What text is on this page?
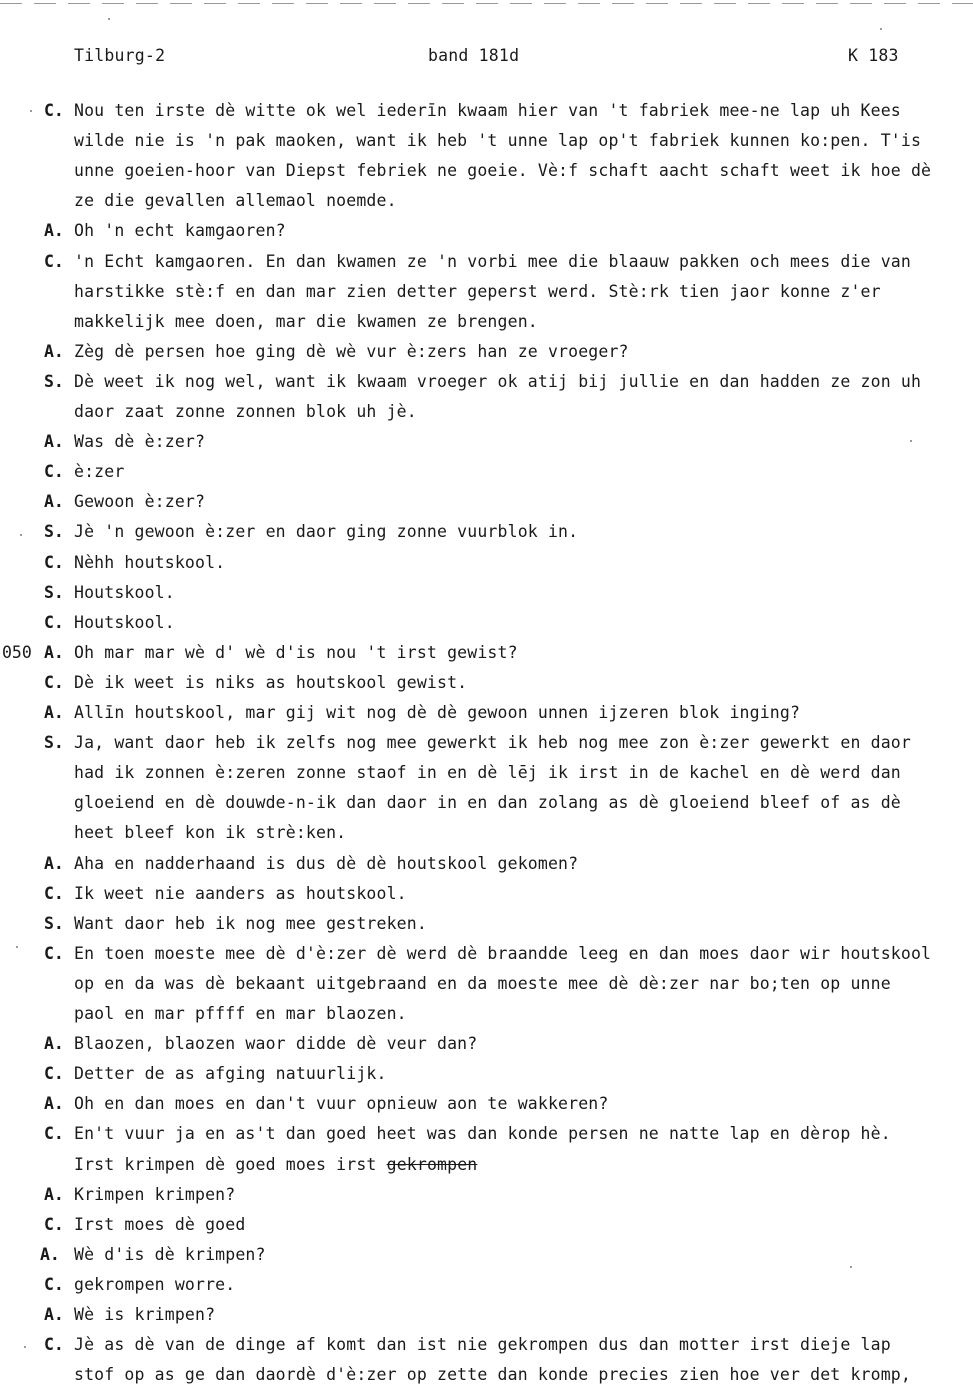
Tilburg-2	band 181d	K 183
C. Nou ten irste dè witte ok wel iederīn kwaam hier van 't fabriek mee-ne lap uh Kees
wilde nie is 'n pak maoken, want ik heb 't unne lap op't fabriek kunnen ko:pen. T'is
unne goeien-hoor van Diepst febriek ne goeie. Vè:f schaft aacht schaft weet ik hoe dè
ze die gevallen allemaol noemde.
A. Oh 'n echt kamgaoren?
C. 'n Echt kamgaoren. En dan kwamen ze 'n vorbi mee die blaauw pakken och mees die van
harstikke stè:f en dan mar zien detter geperst werd. Stè:rk tien jaor konne z'er
makkelijk mee doen, mar die kwamen ze brengen.
A. Zèg dè persen hoe ging dè wè vur è:zers han ze vroeger?
S. Dè weet ik nog wel, want ik kwaam vroeger ok atij bij jullie en dan hadden ze zon uh
daor zaat zonne zonnen blok uh jè.
A. Was dè è:zer?
C. è:zer
A. Gewoon è:zer?
S. Jè 'n gewoon è:zer en daor ging zonne vuurblok in.
C. Nèhh houtskool.
S. Houtskool.
C. Houtskool.
050 A. Oh mar mar wè d' wè d'is nou 't irst gewist?
C. Dè ik weet is niks as houtskool gewist.
A. Allīn houtskool, mar gij wit nog dè dè gewoon unnen ijzeren blok inging?
S. Ja, want daor heb ik zelfs nog mee gewerkt ik heb nog mee zon è:zer gewerkt en daor
had ik zonnen è:zeren zonne staof in en dè lēj ik irst in de kachel en dè werd dan
gloeiend en dè douwde-n-ik dan daor in en dan zolang as dè gloeiend bleef of as dè
heet bleef kon ik strè:ken.
A. Aha en nadderhaand is dus dè dè houtskool gekomen?
C. Ik weet nie aanders as houtskool.
S. Want daor heb ik nog mee gestreken.
C. En toen moeste mee dè d'è:zer dè werd dè braandde leeg en dan moes daor wir houtskool
op en da was dè bekaant uitgebraand en da moeste mee dè dè:zer nar bo;ten op unne
paol en mar pffff en mar blaozen.
A. Blaozen, blaozen waor didde dè veur dan?
C. Detter de as afging natuurlijk.
A. Oh en dan moes en dan't vuur opnieuw aon te wakkeren?
C. En't vuur ja en as't dan goed heet was dan konde persen ne natte lap en dèrop hè.
Irst krimpen dè goed moes irst gekrompen
A. Krimpen krimpen?
C. Irst moes dè goed
A. Wè d'is dè krimpen?
C. gekrompen worre.
A. Wè is krimpen?
C. Jè as dè van de dinge af komt dan ist nie gekrompen dus dan motter irst dieje lap
stof op as ge dan daordè d'è:zer op zette dan konde precies zien hoe ver det kromp,
